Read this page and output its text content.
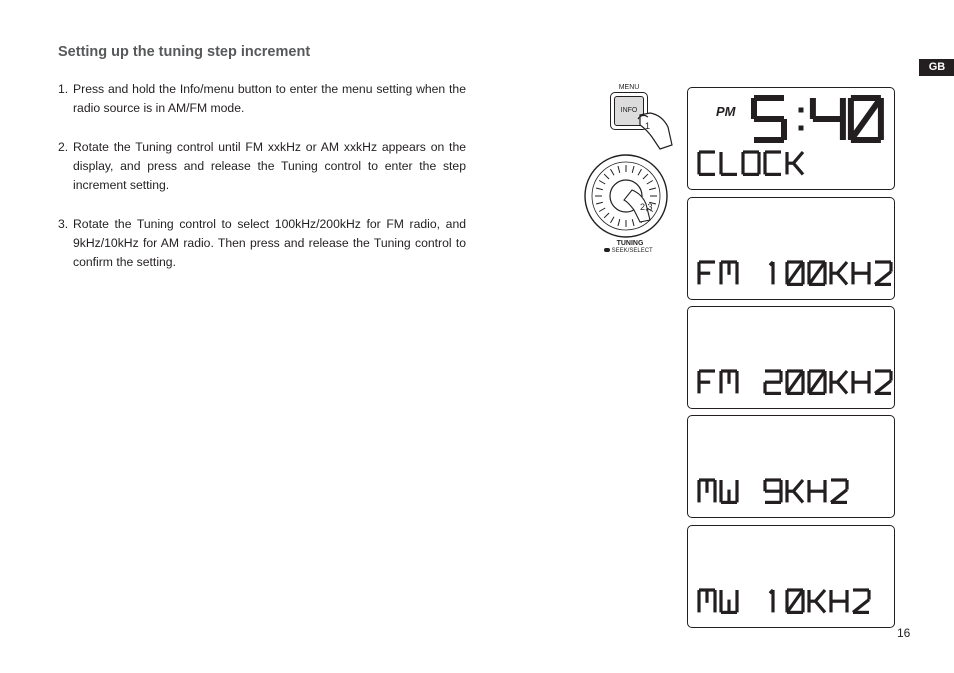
Setting up the tuning step increment
1. Press and hold the Info/menu button to enter the menu setting when the radio source is in AM/FM mode.
2. Rotate the Tuning control until FM xxkHz or AM xxkHz appears on the display, and press and release the Tuning control to enter the step increment setting.
3. Rotate the Tuning control to select 100kHz/200kHz for FM radio, and 9kHz/10kHz for AM radio. Then press and release the Tuning control to confirm the setting.
GB
16
MENU
INFO
1
2,3
TUNING
SEEK/SELECT
PM
